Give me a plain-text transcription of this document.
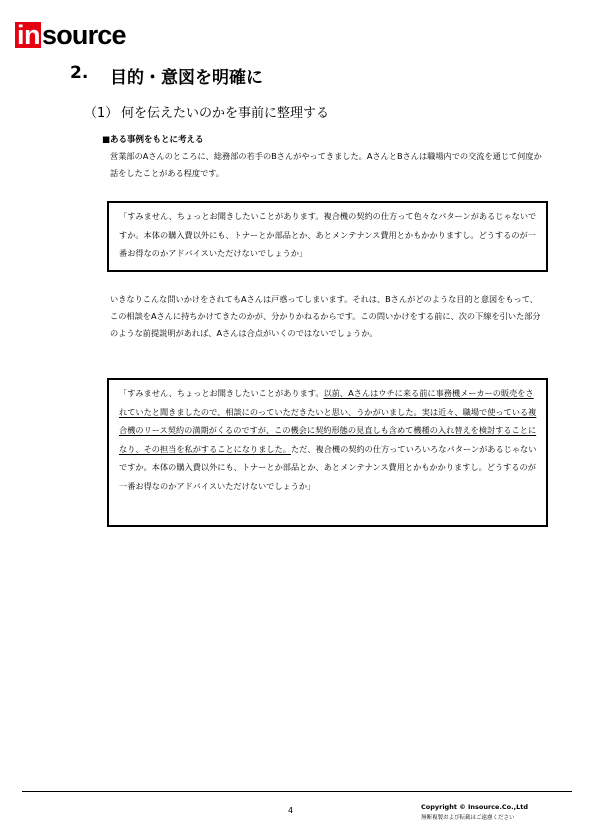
in source
2.	目的・意図を明確に
（1） 何を伝えたいのかを事前に整理する
■ある事例をもとに考える

営業部のAさんのところに、総務部の若手のBさんがやってきました。AさんとBさんは職場内での交流を通じて何度か話をしたことがある程度です。

「すみません、ちょっとお聞きしたいことがあります。複合機の契約の仕方って色々なパターンがあるじゃないですか。本体の購入費以外にも、トナーとか部品とか、あとメンテナンス費用とかもかかりますし。どうするのが一番お得なのかアドバイスいただけないでしょうか」

いきなりこんな問いかけをされてもAさんは戸惑ってしまいます。それは、Bさんがどのような目的と意図をもって、この相談をAさんに持ちかけてきたのかが、分かりかねるからです。この問いかけをする前に、次の下線を引いた部分のような前提説明があれば、Aさんは合点がいくのではないでしょうか。

「すみません、ちょっとお聞きしたいことがあります。以前、Aさんはウチに来る前に事務機メーカーの販売をされていたと聞きましたので、相談にのっていただきたいと思い、うかがいました。実は近々、職場で使っている複合機のリース契約の満期がくるのですが、この機会に契約形態の見直しも含めて機種の入れ替えを検討することになり、その担当を私がすることになりました。ただ、複合機の契約の仕方っていろいろなパターンがあるじゃないですか。本体の購入費以外にも、トナーとか部品とか、あとメンテナンス費用とかもかかりますし。どうするのが一番お得なのかアドバイスいただけないでしょうか」
4	Copyright © Insource.Co.,Ltd
無断複製および転載はご遠慮ください
